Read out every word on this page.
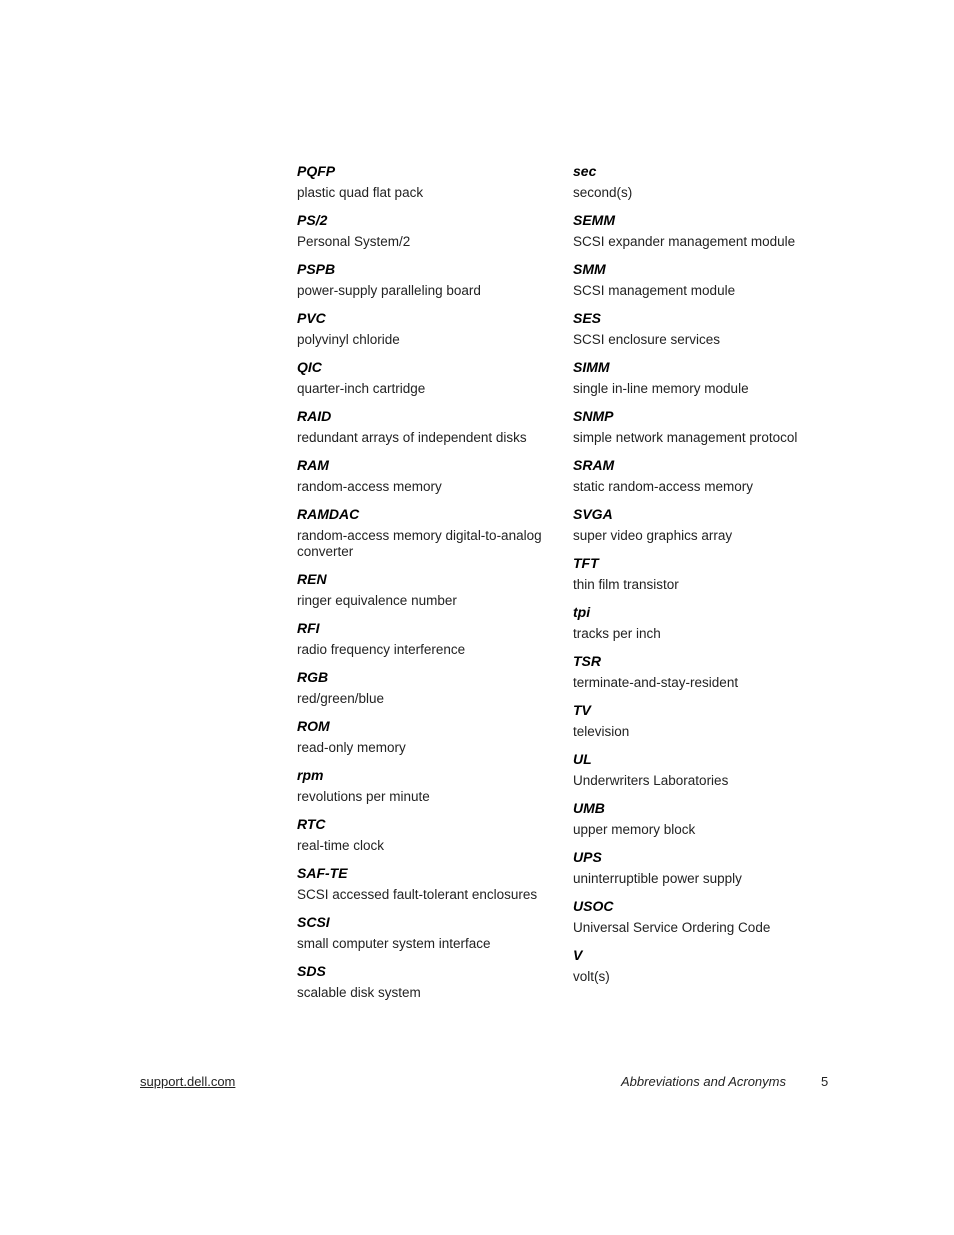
PQFP
plastic quad flat pack
PS/2
Personal System/2
PSPB
power-supply paralleling board
PVC
polyvinyl chloride
QIC
quarter-inch cartridge
RAID
redundant arrays of independent disks
RAM
random-access memory
RAMDAC
random-access memory digital-to-analog converter
REN
ringer equivalence number
RFI
radio frequency interference
RGB
red/green/blue
ROM
read-only memory
rpm
revolutions per minute
RTC
real-time clock
SAF-TE
SCSI accessed fault-tolerant enclosures
SCSI
small computer system interface
SDS
scalable disk system
sec
second(s)
SEMM
SCSI expander management module
SMM
SCSI management module
SES
SCSI enclosure services
SIMM
single in-line memory module
SNMP
simple network management protocol
SRAM
static random-access memory
SVGA
super video graphics array
TFT
thin film transistor
tpi
tracks per inch
TSR
terminate-and-stay-resident
TV
television
UL
Underwriters Laboratories
UMB
upper memory block
UPS
uninterruptible power supply
USOC
Universal Service Ordering Code
V
volt(s)
support.dell.com	Abbreviations and Acronyms	5
